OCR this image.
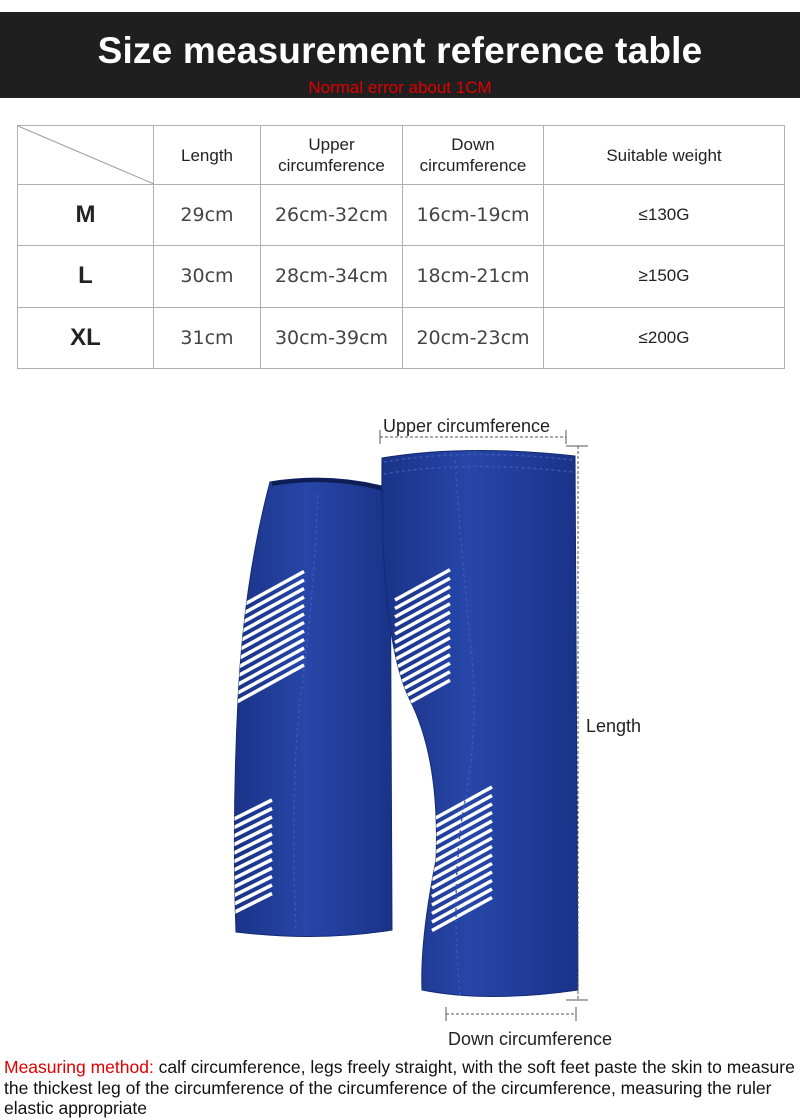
Size measurement reference table
Normal error about 1CM
	Length	Upper circumference	Down circumference	Suitable weight
M	29cm	26cm-32cm	16cm-19cm	≤130G
L	30cm	28cm-34cm	18cm-21cm	≥150G
XL	31cm	30cm-39cm	20cm-23cm	≤200G
Upper circumference
Length
Down circumference
Measuring method: calf circumference, legs freely straight, with the soft feet paste the skin to measure the thickest leg of the circumference of the circumference of the circumference, measuring the ruler elastic appropriate
